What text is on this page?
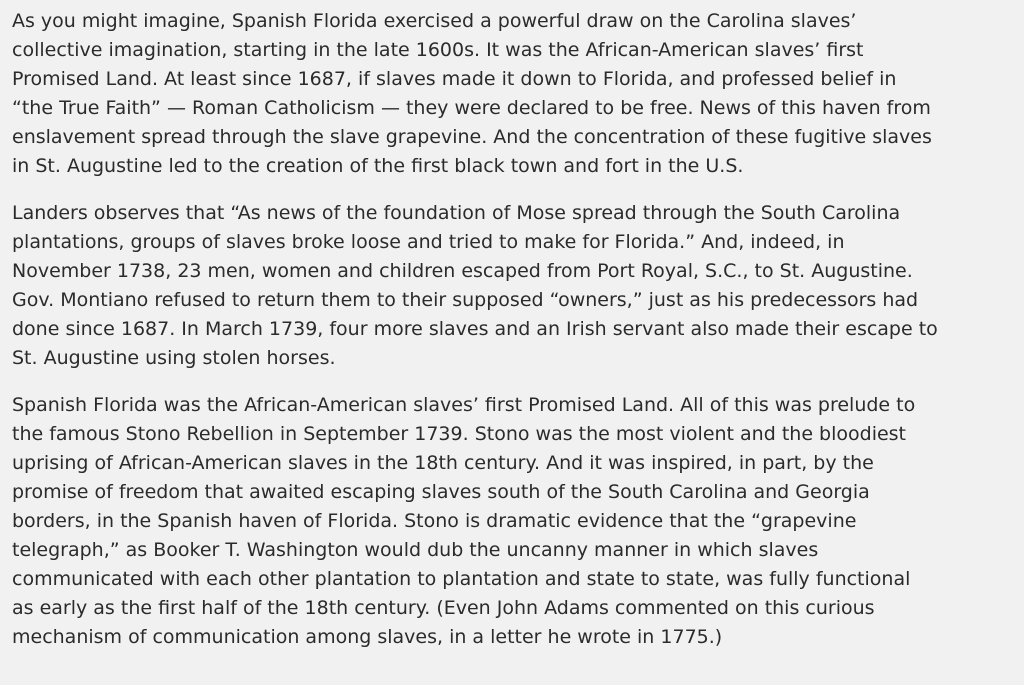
As you might imagine, Spanish Florida exercised a powerful draw on the Carolina slaves’
collective imagination, starting in the late 1600s. It was the African-American slaves’ first
Promised Land. At least since 1687, if slaves made it down to Florida, and professed belief in
“the True Faith” — Roman Catholicism — they were declared to be free. News of this haven from
enslavement spread through the slave grapevine. And the concentration of these fugitive slaves
in St. Augustine led to the creation of the first black town and fort in the U.S.

Landers observes that “As news of the foundation of Mose spread through the South Carolina
plantations, groups of slaves broke loose and tried to make for Florida.” And, indeed, in
November 1738, 23 men, women and children escaped from Port Royal, S.C., to St. Augustine.
Gov. Montiano refused to return them to their supposed “owners,” just as his predecessors had
done since 1687. In March 1739, four more slaves and an Irish servant also made their escape to
St. Augustine using stolen horses.

Spanish Florida was the African-American slaves’ first Promised Land. All of this was prelude to
the famous Stono Rebellion in September 1739. Stono was the most violent and the bloodiest
uprising of African-American slaves in the 18th century. And it was inspired, in part, by the
promise of freedom that awaited escaping slaves south of the South Carolina and Georgia
borders, in the Spanish haven of Florida. Stono is dramatic evidence that the “grapevine
telegraph,” as Booker T. Washington would dub the uncanny manner in which slaves
communicated with each other plantation to plantation and state to state, was fully functional
as early as the first half of the 18th century. (Even John Adams commented on this curious
mechanism of communication among slaves, in a letter he wrote in 1775.)
